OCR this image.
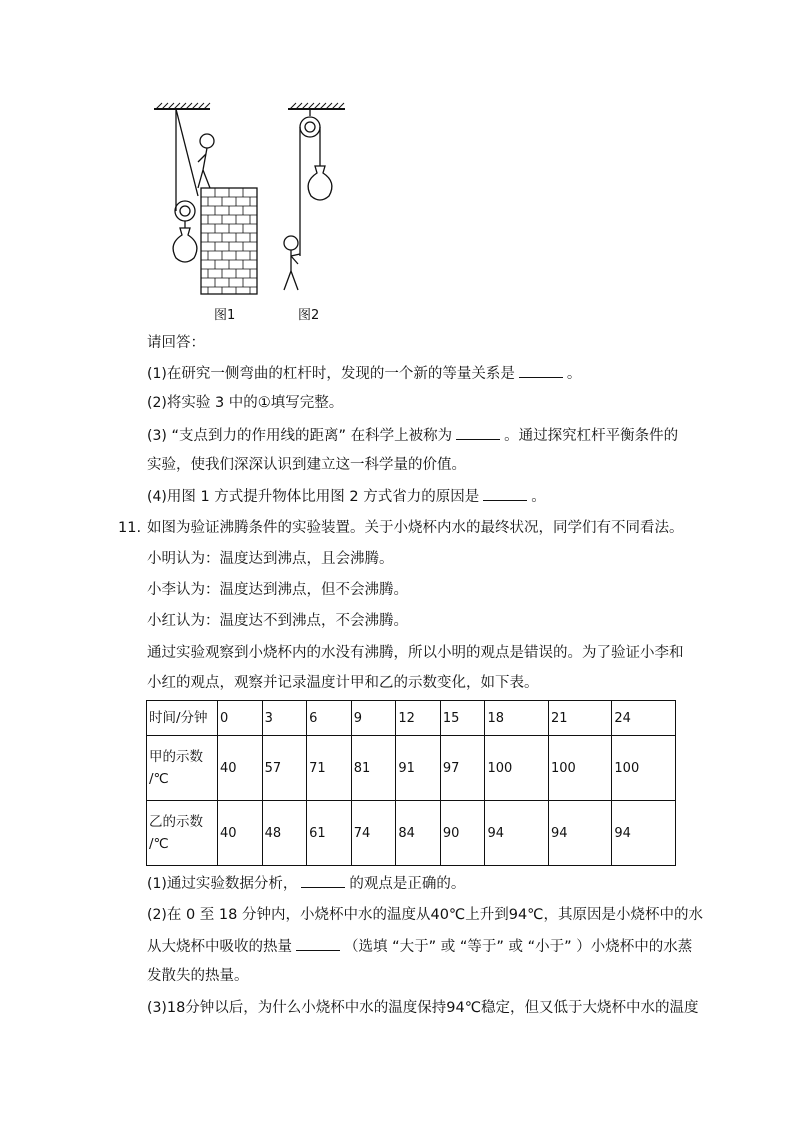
图1	图2
请回答：
(1)在研究一侧弯曲的杠杆时，发现的一个新的等量关系是	。
(2)将实验 3 中的①填写完整。
(3) “支点到力的作用线的距离” 在科学上被称为	。通过探究杠杆平衡条件的
实验，使我们深深认识到建立这一科学量的价值。
(4)用图 1 方式提升物体比用图 2 方式省力的原因是	。
11. 如图为验证沸腾条件的实验装置。关于小烧杯内水的最终状况，同学们有不同看法。
小明认为：温度达到沸点，且会沸腾。
小李认为：温度达到沸点，但不会沸腾。
小红认为：温度达不到沸点，不会沸腾。
通过实验观察到小烧杯内的水没有沸腾，所以小明的观点是错误的。为了验证小李和
小红的观点，观察并记录温度计甲和乙的示数变化，如下表。
时间/分钟	0	3	6	9	12	15	18	21	24
甲的示数
/℃	40	57	71	81	91	97	100	100	100
乙的示数
/℃	40	48	61	74	84	90	94	94	94
(1)通过实验数据分析，	的观点是正确的。
(2)在 0 至 18 分钟内，小烧杯中水的温度从40℃上升到94℃，其原因是小烧杯中的水
从大烧杯中吸收的热量	（选填 “大于” 或 “等于” 或 “小于” ）小烧杯中的水蒸
发散失的热量。
(3)18分钟以后，为什么小烧杯中水的温度保持94℃稳定，但又低于大烧杯中水的温度
